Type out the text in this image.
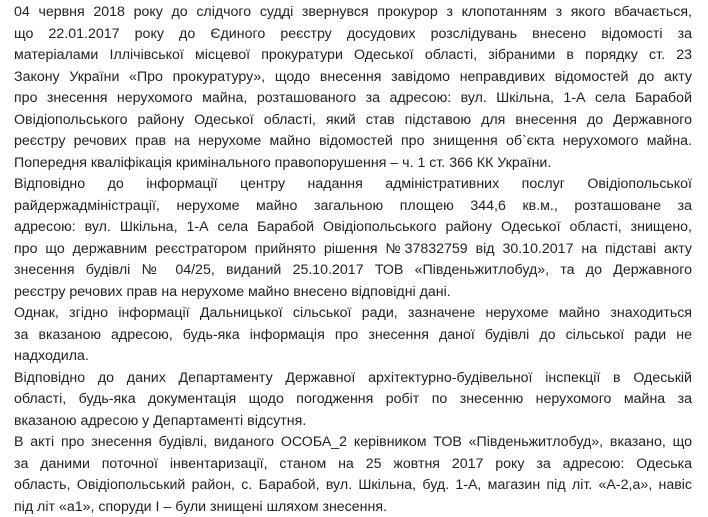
04 червня 2018 року до слідчого судді звернувся прокурор з клопотанням з якого вбачається,
що 22.01.2017 року до Єдиного реєстру досудових розслідувань внесено відомості за
матеріалами Іллічівської місцевої прокуратури Одеської області, зібраними в порядку ст. 23
Закону України «Про прокуратуру», щодо внесення завідомо неправдивих відомостей до акту
про знесення нерухомого майна, розташованого за адресою: вул. Шкільна, 1-А села Барабой
Овідіопольського району Одеської області, який став підставою для внесення до Державного
реєстру речових прав на нерухоме майно відомостей про знищення об`єкта нерухомого майна.
Попередня кваліфікація кримінального правопорушення – ч. 1 ст. 366 КК України.
Відповідно до інформації центру надання адміністративних послуг Овідіопольської
райдержадміністрації, нерухоме майно загальною площею 344,6 кв.м., розташоване за
адресою: вул. Шкільна, 1-А села Барабой Овідіопольського району Одеської області, знищено,
про що державним реєстратором прийнято рішення №37832759 від 30.10.2017 на підставі акту
знесення будівлі № 04/25, виданий 25.10.2017 ТОВ «Південьжитлобуд», та до Державного
реєстру речових прав на нерухоме майно внесено відповідні дані.
Однак, згідно інформації Дальницької сільської ради, зазначене нерухоме майно знаходиться
за вказаною адресою, будь-яка інформація про знесення даної будівлі до сільської ради не
надходила.
Відповідно до даних Департаменту Державної архітектурно-будівельної інспекції в Одеській
області, будь-яка документація щодо погодження робіт по знесенню нерухомого майна за
вказаною адресою у Департаменті відсутня.
В акті про знесення будівлі, виданого ОСОБА_2 керівником ТОВ «Південьжитлобуд», вказано, що
за даними поточної інвентаризації, станом на 25 жовтня 2017 року за адресою: Одеська
область, Овідіопольський район, с. Барабой, вул. Шкільна, буд. 1-А, магазин під літ. «А-2,а», навіс
під літ «а1», споруди І – були знищені шляхом знесення.
